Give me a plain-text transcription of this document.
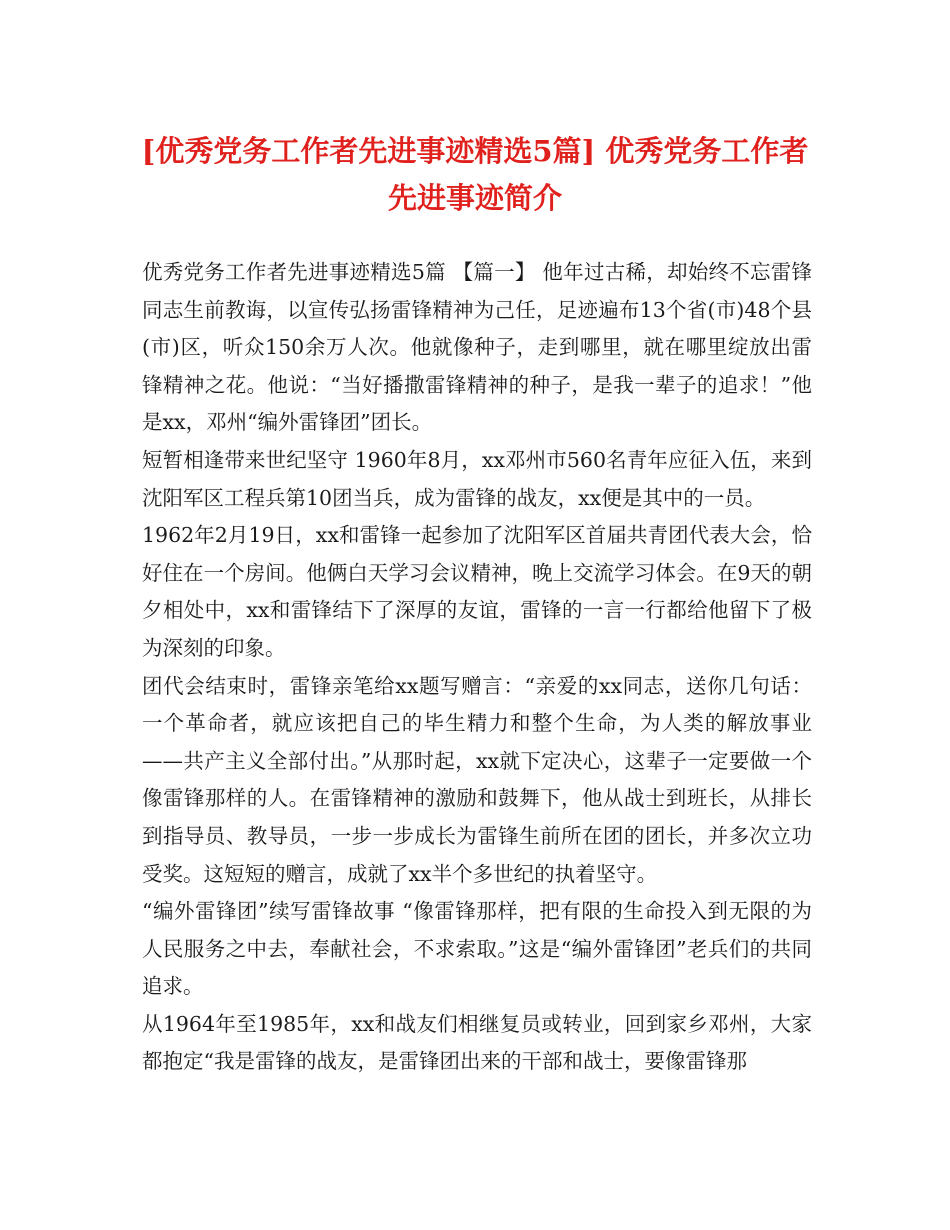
[优秀党务工作者先进事迹精选5篇] 优秀党务工作者
先进事迹简介

优秀党务工作者先进事迹精选5篇 【篇一】 他年过古稀，却始终不忘雷锋同志生前教诲，以宣传弘扬雷锋精神为己任，足迹遍布13个省(市)48个县(市)区，听众150余万人次。他就像种子，走到哪里，就在哪里绽放出雷锋精神之花。他说：“当好播撒雷锋精神的种子，是我一辈子的追求！”他是xx，邓州“编外雷锋团”团长。

短暂相逢带来世纪坚守 1960年8月，xx邓州市560名青年应征入伍，来到沈阳军区工程兵第10团当兵，成为雷锋的战友，xx便是其中的一员。

1962年2月19日，xx和雷锋一起参加了沈阳军区首届共青团代表大会，恰好住在一个房间。他俩白天学习会议精神，晚上交流学习体会。在9天的朝夕相处中，xx和雷锋结下了深厚的友谊，雷锋的一言一行都给他留下了极为深刻的印象。

团代会结束时，雷锋亲笔给xx题写赠言：“亲爱的xx同志，送你几句话：一个革命者，就应该把自己的毕生精力和整个生命，为人类的解放事业——共产主义全部付出。”从那时起，xx就下定决心，这辈子一定要做一个像雷锋那样的人。在雷锋精神的激励和鼓舞下，他从战士到班长，从排长到指导员、教导员，一步一步成长为雷锋生前所在团的团长，并多次立功受奖。这短短的赠言，成就了xx半个多世纪的执着坚守。

“编外雷锋团”续写雷锋故事 “像雷锋那样，把有限的生命投入到无限的为人民服务之中去，奉献社会，不求索取。”这是“编外雷锋团”老兵们的共同追求。

从1964年至1985年，xx和战友们相继复员或转业，回到家乡邓州，大家都抱定“我是雷锋的战友，是雷锋团出来的干部和战士，要像雷锋那
